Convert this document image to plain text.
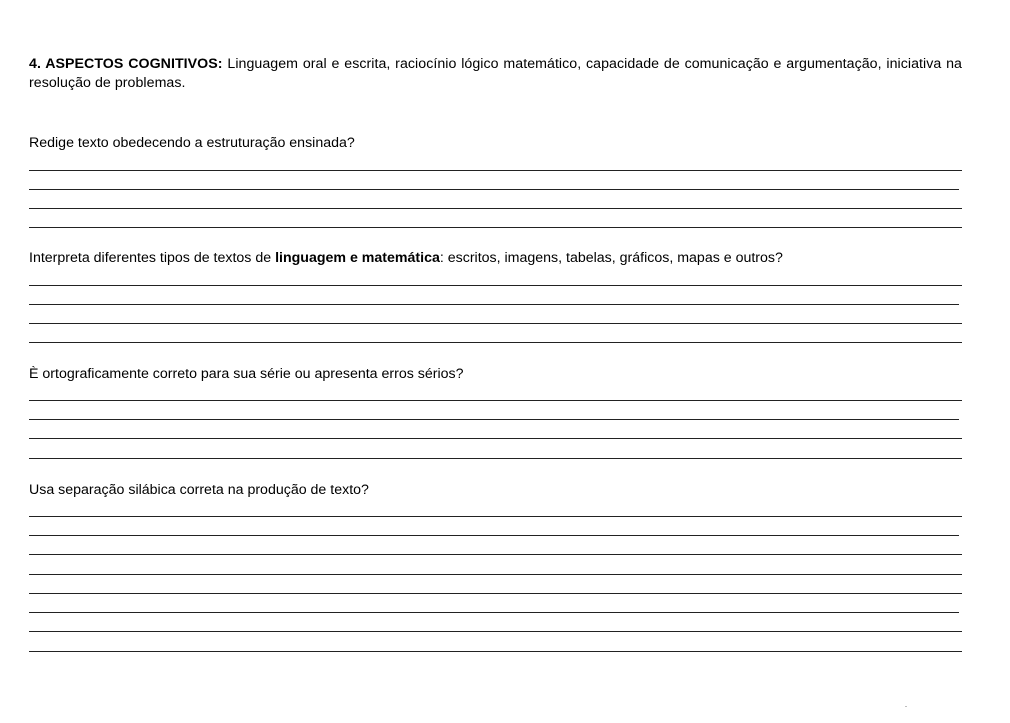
4. ASPECTOS COGNITIVOS: Linguagem oral e escrita, raciocínio lógico matemático, capacidade de comunicação e argumentação, iniciativa na resolução de problemas.
Redige texto obedecendo a estruturação ensinada?
Interpreta diferentes tipos de textos de linguagem e matemática: escritos, imagens, tabelas, gráficos, mapas e outros?
È ortograficamente correto para sua série ou apresenta erros sérios?
Usa separação silábica correta na produção de texto?
